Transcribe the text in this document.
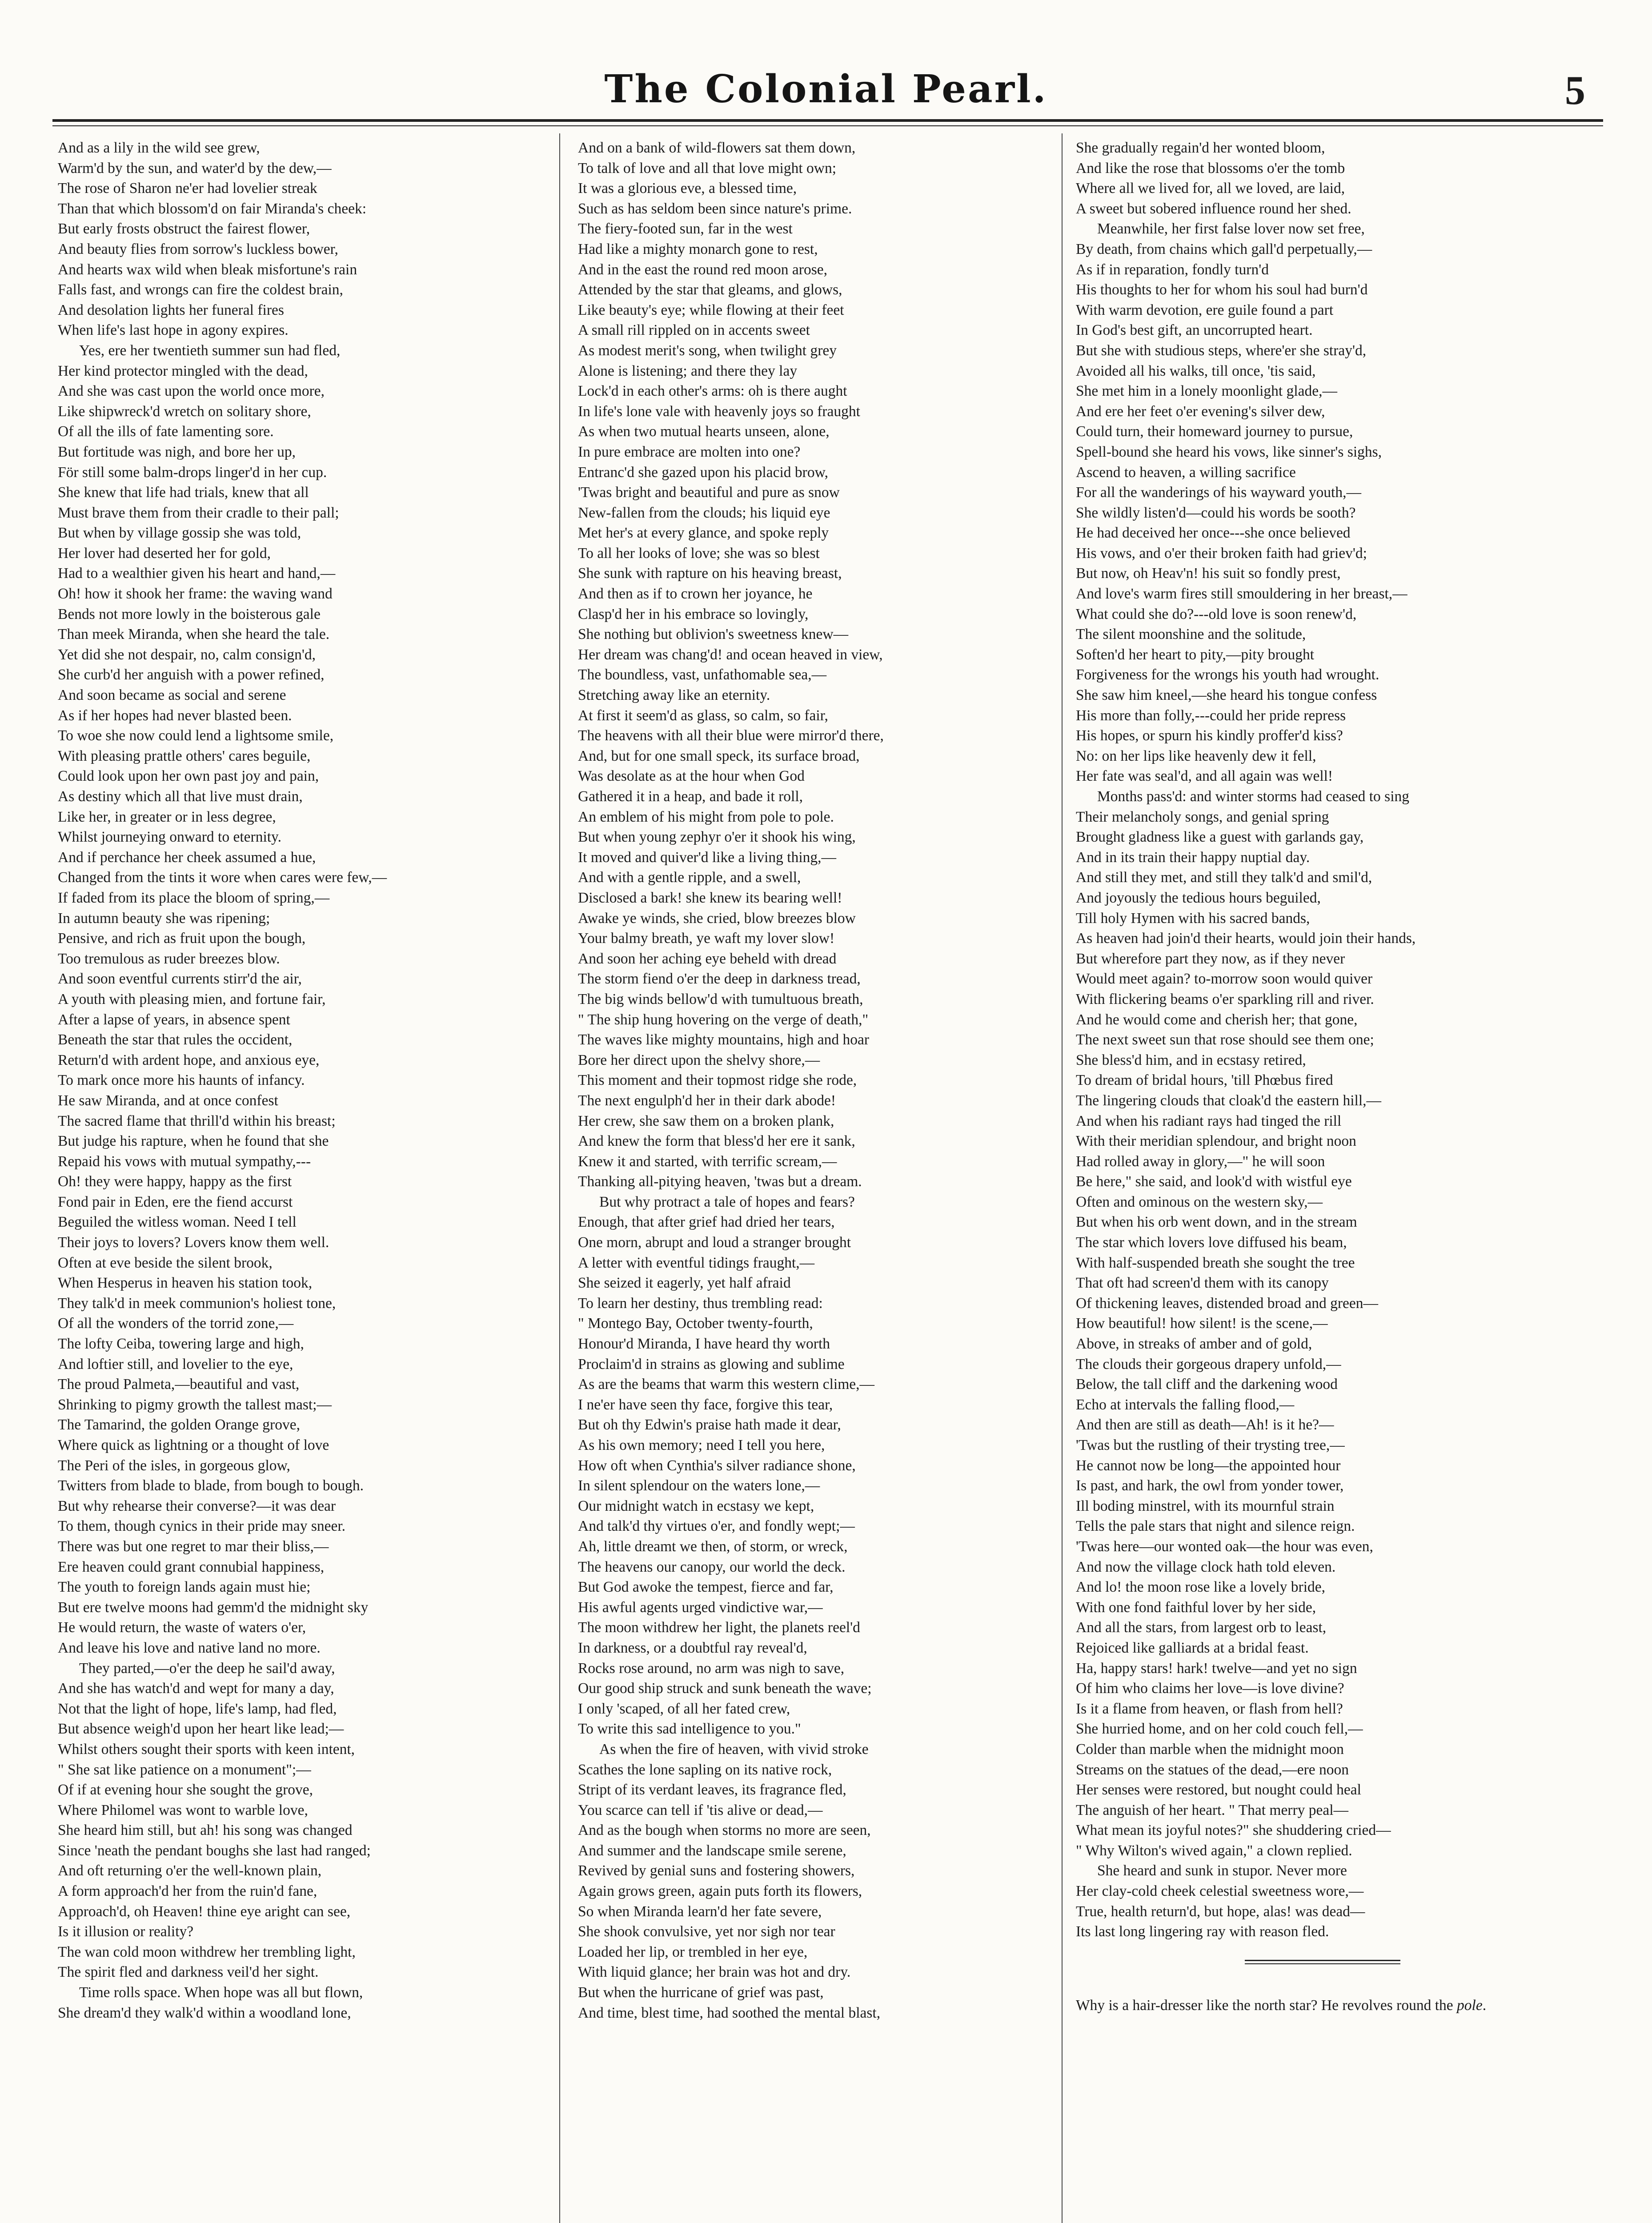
The Colonial Pearl.	5
And as a lily in the wild see grew,
Warm'd by the sun, and water'd by the dew,—
The rose of Sharon ne'er had lovelier streak
Than that which blossom'd on fair Miranda's cheek:
But early frosts obstruct the fairest flower,
And beauty flies from sorrow's luckless bower,
And hearts wax wild when bleak misfortune's rain
Falls fast, and wrongs can fire the coldest brain,
And desolation lights her funeral fires
When life's last hope in agony expires.
Yes, ere her twentieth summer sun had fled,
Her kind protector mingled with the dead,
And she was cast upon the world once more,
Like shipwreck'd wretch on solitary shore,
Of all the ills of fate lamenting sore.
But fortitude was nigh, and bore her up,
För still some balm-drops linger'd in her cup.
She knew that life had trials, knew that all
Must brave them from their cradle to their pall;
But when by village gossip she was told,
Her lover had deserted her for gold,
Had to a wealthier given his heart and hand,—
Oh! how it shook her frame: the waving wand
Bends not more lowly in the boisterous gale
Than meek Miranda, when she heard the tale.
Yet did she not despair, no, calm consign'd,
She curb'd her anguish with a power refined,
And soon became as social and serene
As if her hopes had never blasted been.
To woe she now could lend a lightsome smile,
With pleasing prattle others' cares beguile,
Could look upon her own past joy and pain,
As destiny which all that live must drain,
Like her, in greater or in less degree,
Whilst journeying onward to eternity.
And if perchance her cheek assumed a hue,
Changed from the tints it wore when cares were few,—
If faded from its place the bloom of spring,—
In autumn beauty she was ripening;
Pensive, and rich as fruit upon the bough,
Too tremulous as ruder breezes blow.
And soon eventful currents stirr'd the air,
A youth with pleasing mien, and fortune fair,
After a lapse of years, in absence spent
Beneath the star that rules the occident,
Return'd with ardent hope, and anxious eye,
To mark once more his haunts of infancy.
He saw Miranda, and at once confest
The sacred flame that thrill'd within his breast;
But judge his rapture, when he found that she
Repaid his vows with mutual sympathy,---
Oh! they were happy, happy as the first
Fond pair in Eden, ere the fiend accurst
Beguiled the witless woman. Need I tell
Their joys to lovers? Lovers know them well.
Often at eve beside the silent brook,
When Hesperus in heaven his station took,
They talk'd in meek communion's holiest tone,
Of all the wonders of the torrid zone,—
The lofty Ceiba, towering large and high,
And loftier still, and lovelier to the eye,
The proud Palmeta,—beautiful and vast,
Shrinking to pigmy growth the tallest mast;—
The Tamarind, the golden Orange grove,
Where quick as lightning or a thought of love
The Peri of the isles, in gorgeous glow,
Twitters from blade to blade, from bough to bough.
But why rehearse their converse?—it was dear
To them, though cynics in their pride may sneer.
There was but one regret to mar their bliss,—
Ere heaven could grant connubial happiness,
The youth to foreign lands again must hie;
But ere twelve moons had gemm'd the midnight sky
He would return, the waste of waters o'er,
And leave his love and native land no more.
They parted,—o'er the deep he sail'd away,
And she has watch'd and wept for many a day,
Not that the light of hope, life's lamp, had fled,
But absence weigh'd upon her heart like lead;—
Whilst others sought their sports with keen intent,
" She sat like patience on a monument";—
Of if at evening hour she sought the grove,
Where Philomel was wont to warble love,
She heard him still, but ah! his song was changed
Since 'neath the pendant boughs she last had ranged;
And oft returning o'er the well-known plain,
A form approach'd her from the ruin'd fane,
Approach'd, oh Heaven! thine eye aright can see,
Is it illusion or reality?
The wan cold moon withdrew her trembling light,
The spirit fled and darkness veil'd her sight.
Time rolls space. When hope was all but flown,
She dream'd they walk'd within a woodland lone,
And on a bank of wild-flowers sat them down,
To talk of love and all that love might own;
It was a glorious eve, a blessed time,
Such as has seldom been since nature's prime.
The fiery-footed sun, far in the west
Had like a mighty monarch gone to rest,
And in the east the round red moon arose,
Attended by the star that gleams, and glows,
Like beauty's eye; while flowing at their feet
A small rill rippled on in accents sweet
As modest merit's song, when twilight grey
Alone is listening; and there they lay
Lock'd in each other's arms: oh is there aught
In life's lone vale with heavenly joys so fraught
As when two mutual hearts unseen, alone,
In pure embrace are molten into one?
Entranc'd she gazed upon his placid brow,
'Twas bright and beautiful and pure as snow
New-fallen from the clouds; his liquid eye
Met her's at every glance, and spoke reply
To all her looks of love; she was so blest
She sunk with rapture on his heaving breast,
And then as if to crown her joyance, he
Clasp'd her in his embrace so lovingly,
She nothing but oblivion's sweetness knew—
Her dream was chang'd! and ocean heaved in view,
The boundless, vast, unfathomable sea,—
Stretching away like an eternity.
At first it seem'd as glass, so calm, so fair,
The heavens with all their blue were mirror'd there,
And, but for one small speck, its surface broad,
Was desolate as at the hour when God
Gathered it in a heap, and bade it roll,
An emblem of his might from pole to pole.
But when young zephyr o'er it shook his wing,
It moved and quiver'd like a living thing,—
And with a gentle ripple, and a swell,
Disclosed a bark! she knew its bearing well!
Awake ye winds, she cried, blow breezes blow
Your balmy breath, ye waft my lover slow!
And soon her aching eye beheld with dread
The storm fiend o'er the deep in darkness tread,
The big winds bellow'd with tumultuous breath,
" The ship hung hovering on the verge of death,"
The waves like mighty mountains, high and hoar
Bore her direct upon the shelvy shore,—
This moment and their topmost ridge she rode,
The next engulph'd her in their dark abode!
Her crew, she saw them on a broken plank,
And knew the form that bless'd her ere it sank,
Knew it and started, with terrific scream,—
Thanking all-pitying heaven, 'twas but a dream.
But why protract a tale of hopes and fears?
Enough, that after grief had dried her tears,
One morn, abrupt and loud a stranger brought
A letter with eventful tidings fraught,—
She seized it eagerly, yet half afraid
To learn her destiny, thus trembling read:
" Montego Bay, October twenty-fourth,
Honour'd Miranda, I have heard thy worth
Proclaim'd in strains as glowing and sublime
As are the beams that warm this western clime,—
I ne'er have seen thy face, forgive this tear,
But oh thy Edwin's praise hath made it dear,
As his own memory; need I tell you here,
How oft when Cynthia's silver radiance shone,
In silent splendour on the waters lone,—
Our midnight watch in ecstasy we kept,
And talk'd thy virtues o'er, and fondly wept;—
Ah, little dreamt we then, of storm, or wreck,
The heavens our canopy, our world the deck.
But God awoke the tempest, fierce and far,
His awful agents urged vindictive war,—
The moon withdrew her light, the planets reel'd
In darkness, or a doubtful ray reveal'd,
Rocks rose around, no arm was nigh to save,
Our good ship struck and sunk beneath the wave;
I only 'scaped, of all her fated crew,
To write this sad intelligence to you."
As when the fire of heaven, with vivid stroke
Scathes the lone sapling on its native rock,
Stript of its verdant leaves, its fragrance fled,
You scarce can tell if 'tis alive or dead,—
And as the bough when storms no more are seen,
And summer and the landscape smile serene,
Revived by genial suns and fostering showers,
Again grows green, again puts forth its flowers,
So when Miranda learn'd her fate severe,
She shook convulsive, yet nor sigh nor tear
Loaded her lip, or trembled in her eye,
With liquid glance; her brain was hot and dry.
But when the hurricane of grief was past,
And time, blest time, had soothed the mental blast,
She gradually regain'd her wonted bloom,
And like the rose that blossoms o'er the tomb
Where all we lived for, all we loved, are laid,
A sweet but sobered influence round her shed.
Meanwhile, her first false lover now set free,
By death, from chains which gall'd perpetually,—
As if in reparation, fondly turn'd
His thoughts to her for whom his soul had burn'd
With warm devotion, ere guile found a part
In God's best gift, an uncorrupted heart.
But she with studious steps, where'er she stray'd,
Avoided all his walks, till once, 'tis said,
She met him in a lonely moonlight glade,—
And ere her feet o'er evening's silver dew,
Could turn, their homeward journey to pursue,
Spell-bound she heard his vows, like sinner's sighs,
Ascend to heaven, a willing sacrifice
For all the wanderings of his wayward youth,—
She wildly listen'd—could his words be sooth?
He had deceived her once---she once believed
His vows, and o'er their broken faith had griev'd;
But now, oh Heav'n! his suit so fondly prest,
And love's warm fires still smouldering in her breast,—
What could she do?---old love is soon renew'd,
The silent moonshine and the solitude,
Soften'd her heart to pity,—pity brought
Forgiveness for the wrongs his youth had wrought.
She saw him kneel,—she heard his tongue confess
His more than folly,---could her pride repress
His hopes, or spurn his kindly proffer'd kiss?
No: on her lips like heavenly dew it fell,
Her fate was seal'd, and all again was well!
Months pass'd: and winter storms had ceased to sing
Their melancholy songs, and genial spring
Brought gladness like a guest with garlands gay,
And in its train their happy nuptial day.
And still they met, and still they talk'd and smil'd,
And joyously the tedious hours beguiled,
Till holy Hymen with his sacred bands,
As heaven had join'd their hearts, would join their hands,
But wherefore part they now, as if they never
Would meet again? to-morrow soon would quiver
With flickering beams o'er sparkling rill and river.
And he would come and cherish her; that gone,
The next sweet sun that rose should see them one;
She bless'd him, and in ecstasy retired,
To dream of bridal hours, 'till Phœbus fired
The lingering clouds that cloak'd the eastern hill,—
And when his radiant rays had tinged the rill
With their meridian splendour, and bright noon
Had rolled away in glory,—" he will soon
Be here," she said, and look'd with wistful eye
Often and ominous on the western sky,—
But when his orb went down, and in the stream
The star which lovers love diffused his beam,
With half-suspended breath she sought the tree
That oft had screen'd them with its canopy
Of thickening leaves, distended broad and green—
How beautiful! how silent! is the scene,—
Above, in streaks of amber and of gold,
The clouds their gorgeous drapery unfold,—
Below, the tall cliff and the darkening wood
Echo at intervals the falling flood,—
And then are still as death—Ah! is it he?—
'Twas but the rustling of their trysting tree,—
He cannot now be long—the appointed hour
Is past, and hark, the owl from yonder tower,
Ill boding minstrel, with its mournful strain
Tells the pale stars that night and silence reign.
'Twas here—our wonted oak—the hour was even,
And now the village clock hath told eleven.
And lo! the moon rose like a lovely bride,
With one fond faithful lover by her side,
And all the stars, from largest orb to least,
Rejoiced like galliards at a bridal feast.
Ha, happy stars! hark! twelve—and yet no sign
Of him who claims her love—is love divine?
Is it a flame from heaven, or flash from hell?
She hurried home, and on her cold couch fell,—
Colder than marble when the midnight moon
Streams on the statues of the dead,—ere noon
Her senses were restored, but nought could heal
The anguish of her heart. " That merry peal—
What mean its joyful notes?" she shuddering cried—
" Why Wilton's wived again," a clown replied.
She heard and sunk in stupor. Never more
Her clay-cold cheek celestial sweetness wore,—
True, health return'd, but hope, alas! was dead—
Its last long lingering ray with reason fled.
Why is a hair-dresser like the north star? He revolves round the pole.
